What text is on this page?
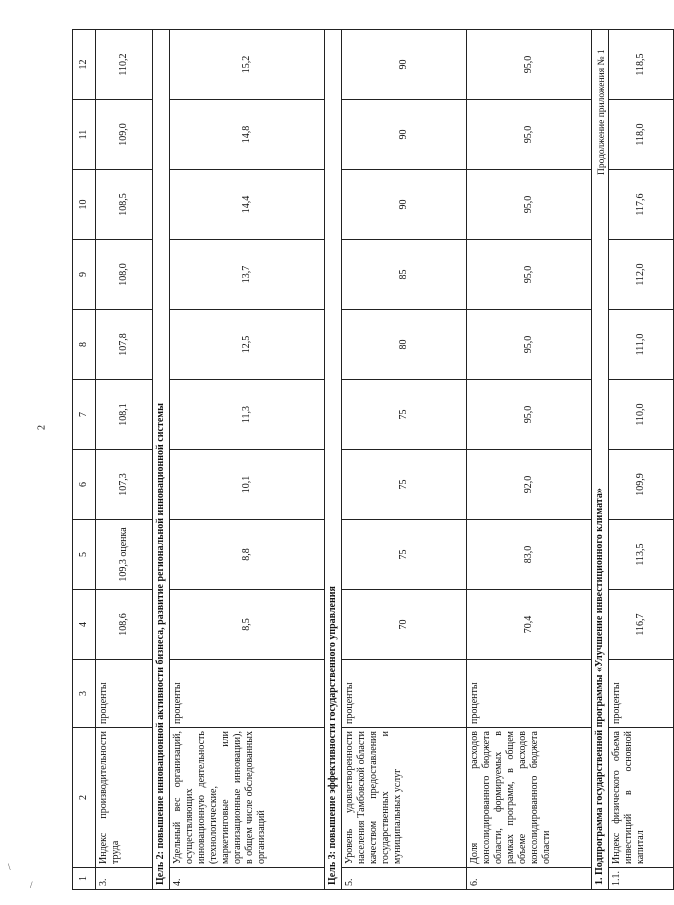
2
Продолжение приложения № 1
\
/
1	2	3	4	5	6	7	8	9	10	11	12
3.	Индекс производительности труда	проценты	108,6	109,3 оценка	107,3	108,1	107,8	108,0	108,5	109,0	110,2
Цель 2: повышение инновационной активности бизнеса, развитие региональной инновационной системы											
4.	Удельный вес организаций, осуществляющих инновационную деятельность (технологические, маркетинговые или организационные инновации), в общем числе обследованных организаций	проценты	8,5	8,8	10,1	11,3	12,5	13,7	14,4	14,8	15,2
Цель 3: повышение эффективности государственного управления											
5.	Уровень удовлетворенности населения Тамбовской области качеством предоставления государственных и муниципальных услуг	проценты	70	75	75	75	80	85	90	90	90
6.	Доля расходов консолидированного бюджета области, формируемых в рамках программ, в общем объеме расходов консолидированного бюджета области	проценты	70,4	83,0	92,0	95,0	95,0	95,0	95,0	95,0	95,0
1. Подпрограмма государственной программы «Улучшение инвестиционного климата»											
1.1.	Индекс физического объема инвестиций в основной капитал	проценты	116,7	113,5	109,9	110,0	111,0	112,0	117,6	118,0	118,5
